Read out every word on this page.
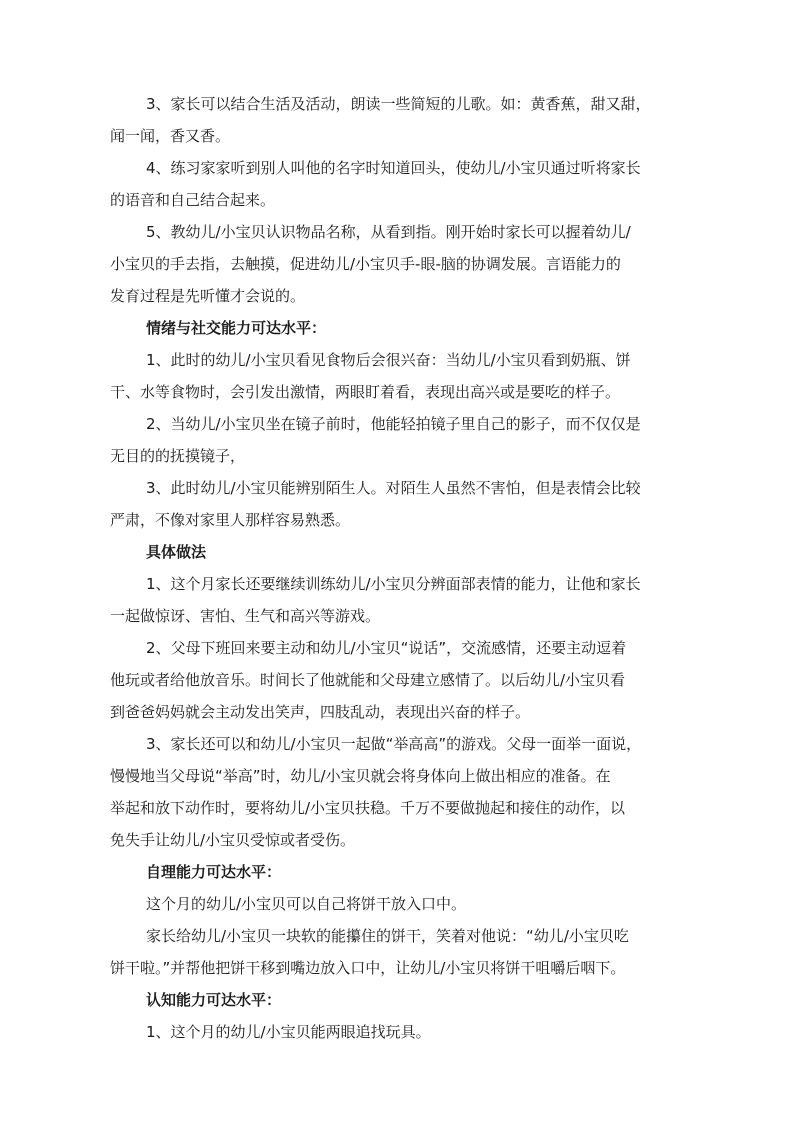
3、家长可以结合生活及活动，朗读一些简短的儿歌。如：黄香蕉，甜又甜，
闻一闻，香又香。
4、练习家家听到别人叫他的名字时知道回头，使幼儿/小宝贝通过听将家长
的语音和自己结合起来。
5、教幼儿/小宝贝认识物品名称，从看到指。刚开始时家长可以握着幼儿/
小宝贝的手去指，去触摸，促进幼儿/小宝贝手-眼-脑的协调发展。言语能力的
发育过程是先听懂才会说的。

情绪与社交能力可达水平：

1、此时的幼儿/小宝贝看见食物后会很兴奋：当幼儿/小宝贝看到奶瓶、饼
干、水等食物时，会引发出激情，两眼盯着看，表现出高兴或是要吃的样子。
2、当幼儿/小宝贝坐在镜子前时，他能轻拍镜子里自己的影子，而不仅仅是
无目的的抚摸镜子，
3、此时幼儿/小宝贝能辨别陌生人。对陌生人虽然不害怕，但是表情会比较
严肃，不像对家里人那样容易熟悉。

具体做法

1、这个月家长还要继续训练幼儿/小宝贝分辨面部表情的能力，让他和家长
一起做惊讶、害怕、生气和高兴等游戏。
2、父母下班回来要主动和幼儿/小宝贝“说话”，交流感情，还要主动逗着
他玩或者给他放音乐。时间长了他就能和父母建立感情了。以后幼儿/小宝贝看
到爸爸妈妈就会主动发出笑声，四肢乱动，表现出兴奋的样子。
3、家长还可以和幼儿/小宝贝一起做“举高高”的游戏。父母一面举一面说，
慢慢地当父母说“举高”时，幼儿/小宝贝就会将身体向上做出相应的准备。在
举起和放下动作时，要将幼儿/小宝贝扶稳。千万不要做抛起和接住的动作，以
免失手让幼儿/小宝贝受惊或者受伤。

自理能力可达水平：

这个月的幼儿/小宝贝可以自己将饼干放入口中。
家长给幼儿/小宝贝一块软的能攥住的饼干，笑着对他说：“幼儿/小宝贝吃
饼干啦。”并帮他把饼干移到嘴边放入口中，让幼儿/小宝贝将饼干咀嚼后咽下。

认知能力可达水平：

1、这个月的幼儿/小宝贝能两眼追找玩具。
